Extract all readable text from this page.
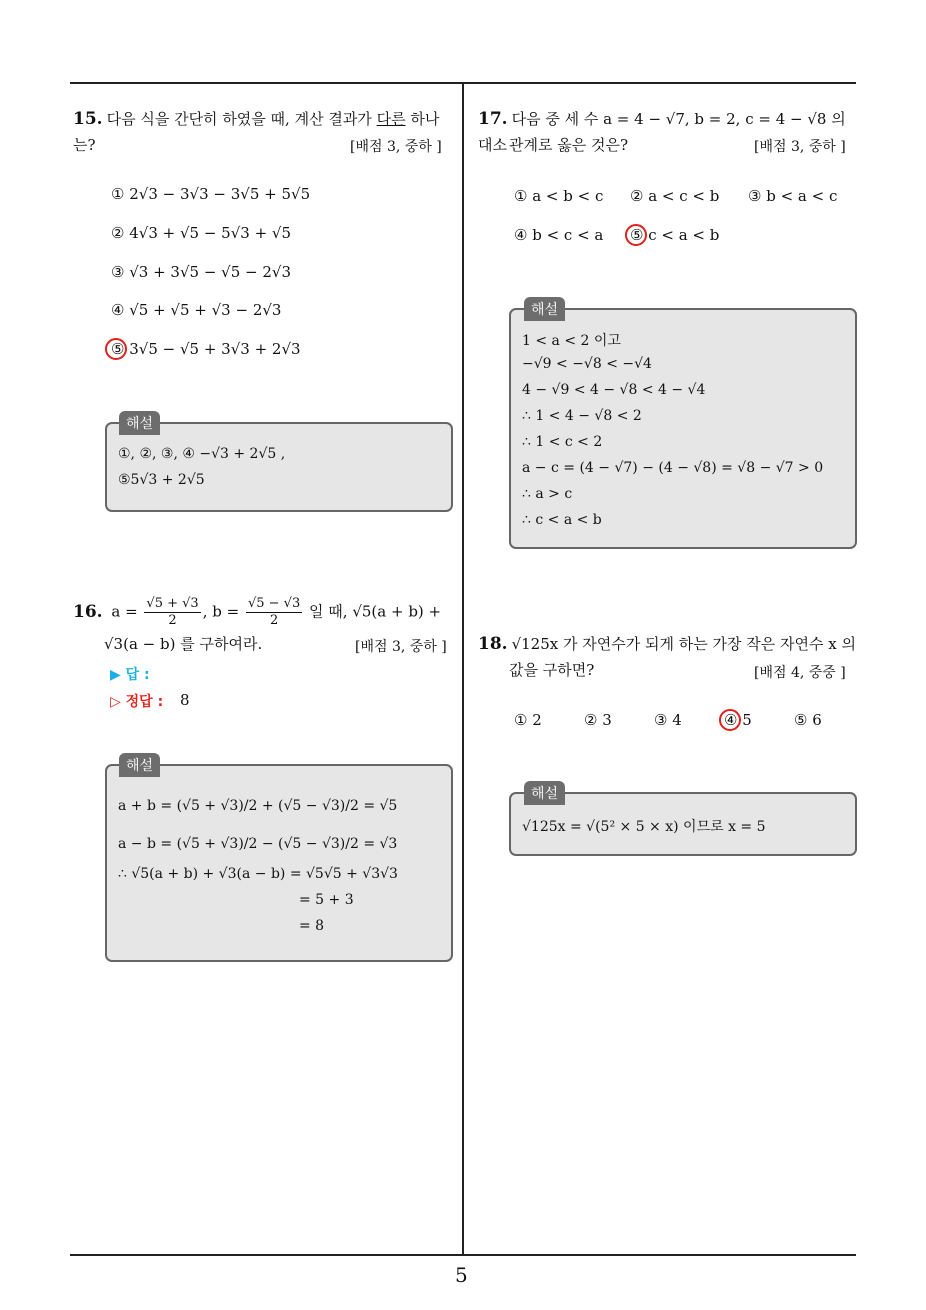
5
15. 다음 식을 간단히 하였을 때, 계산 결과가 다른 하나는?	[배점 3, 중하 ]
① 2√3 − 3√3 − 3√5 + 5√5
② 4√3 + √5 − 5√3 + √5
③ √3 + 3√5 − √5 − 2√3
④ √5 + √5 + √3 − 2√3
⑤ 3√5 − √5 + 3√3 + 2√3
해설
①, ②, ③, ④ −√3 + 2√5 ,
⑤5√3 + 2√5
16. $a = \frac{√5 + √3}{2}$ , $b = \frac{√5 - √3}{2}$ 일 때, √5(a + b) +
√3(a − b) 를 구하여라.	[배점 3, 중하 ]
▶ 답 :
▷ 정답 : 8
해설
a + b = (√5 + √3)/2 + (√5 − √3)/2 = √5
a − b = (√5 + √3)/2 − (√5 − √3)/2 = √3
∴ √5(a + b) + √3(a − b) = √5√5 + √3√3
= 5 + 3
= 8
17. 다음 중 세 수 a = 4 − √7, b = 2, c = 4 − √8 의 대소 관계로 옳은 것은?	[배점 3, 중하 ]
① a < b < c ② a < c < b ③ b < a < c
④ b < c < a ⑤ c < a < b
해설
1 < a < 2 이고
−√9 < −√8 < −√4
4 − √9 < 4 − √8 < 4 − √4
∴ 1 < 4 − √8 < 2
∴ 1 < c < 2
a − c = (4 − √7) − (4 − √8) = √8 − √7 > 0
∴ a > c
∴ c < a < b
18. √125x 가 자연수가 되게 하는 가장 작은 자연수 x 의
값을 구하면?	[배점 4, 중중 ]
① 2	② 3	③ 4	④ 5	⑤ 6
해설
√125x = √(5² × 5 × x) 이므로 x = 5
